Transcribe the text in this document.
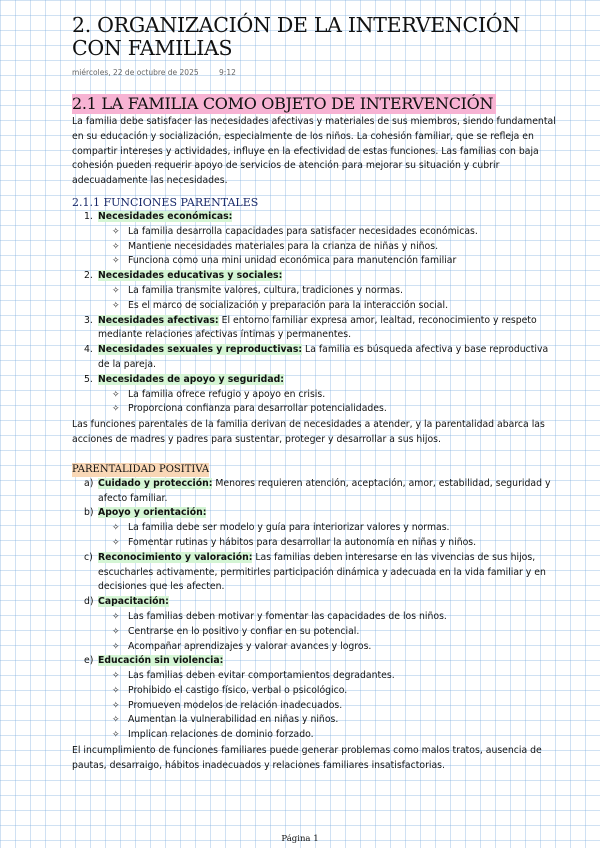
2. ORGANIZACIÓN DE LA INTERVENCIÓN CON FAMILIAS
miércoles, 22 de octubre de 2025	9:12
2.1 LA FAMILIA COMO OBJETO DE INTERVENCIÓN

La familia debe satisfacer las necesidades afectivas y materiales de sus miembros, siendo fundamental en su educación y socialización, especialmente de los niños. La cohesión familiar, que se refleja en compartir intereses y actividades, influye en la efectividad de estas funciones. Las familias con baja cohesión pueden requerir apoyo de servicios de atención para mejorar su situación y cubrir adecuadamente las necesidades.

2.1.1 FUNCIONES PARENTALES
1. Necesidades económicas:
✧ La familia desarrolla capacidades para satisfacer necesidades económicas.
✧ Mantiene necesidades materiales para la crianza de niñas y niños.
✧ Funciona como una mini unidad económica para manutención familiar
2. Necesidades educativas y sociales:
✧ La familia transmite valores, cultura, tradiciones y normas.
✧ Es el marco de socialización y preparación para la interacción social.
3. Necesidades afectivas: El entorno familiar expresa amor, lealtad, reconocimiento y respeto mediante relaciones afectivas íntimas y permanentes.
4. Necesidades sexuales y reproductivas: La familia es búsqueda afectiva y base reproductiva de la pareja.
5. Necesidades de apoyo y seguridad:
✧ La familia ofrece refugio y apoyo en crisis.
✧ Proporciona confianza para desarrollar potencialidades.

Las funciones parentales de la familia derivan de necesidades a atender, y la parentalidad abarca las acciones de madres y padres para sustentar, proteger y desarrollar a sus hijos.

PARENTALIDAD POSITIVA
a) Cuidado y protección: Menores requieren atención, aceptación, amor, estabilidad, seguridad y afecto familiar.
b) Apoyo y orientación:
✧ La familia debe ser modelo y guía para interiorizar valores y normas.
✧ Fomentar rutinas y hábitos para desarrollar la autonomía en niñas y niños.
c) Reconocimiento y valoración: Las familias deben interesarse en las vivencias de sus hijos, escucharles activamente, permitirles participación dinámica y adecuada en la vida familiar y en decisiones que les afecten.
d) Capacitación:
✧ Las familias deben motivar y fomentar las capacidades de los niños.
✧ Centrarse en lo positivo y confiar en su potencial.
✧ Acompañar aprendizajes y valorar avances y logros.
e) Educación sin violencia:
✧ Las familias deben evitar comportamientos degradantes.
✧ Prohibido el castigo físico, verbal o psicológico.
✧ Promueven modelos de relación inadecuados.
✧ Aumentan la vulnerabilidad en niñas y niños.
✧ Implican relaciones de dominio forzado.

El incumplimiento de funciones familiares puede generar problemas como malos tratos, ausencia de pautas, desarraigo, hábitos inadecuados y relaciones familiares insatisfactorias.

Página 1
